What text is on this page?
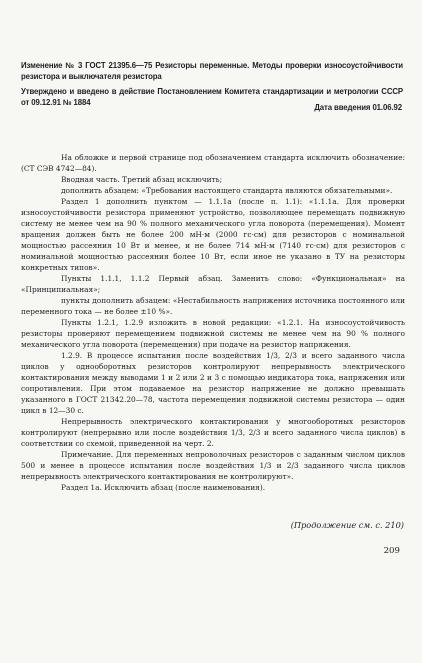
Изменение № 3 ГОСТ 21395.6—75 Резисторы переменные. Методы проверки износоустойчивости резистора и выключателя резистора
Утверждено и введено в действие Постановлением Комитета стандартизации и метрологии СССР от 09.12.91 № 1884
Дата введения 01.06.92

На обложке и первой странице под обозначением стандарта исключить обозначение: (СТ СЭВ 4742—84).

Вводная часть. Третий абзац исключить;

дополнить абзацем: «Требования настоящего стандарта являются обязательными».

Раздел 1 дополнить пунктом — 1.1.1а (после п. 1.1): «1.1.1а. Для проверки износоустойчивости резистора применяют устройство, позволяющее перемещать подвижную систему не менее чем на 90 % полного механического угла поворота (перемещения). Момент вращения должен быть не более 200 мН·м (2000 гс·см) для резисторов с номинальной мощностью рассеяния 10 Вт и менее, и не более 714 мН·м (7140 гс·см) для резисторов с номинальной мощностью рассеяния более 10 Вт, если иное не указано в ТУ на резисторы конкретных типов».

Пункты 1.1.1, 1.1.2 Первый абзац. Заменить слово: «Функциональная» на «Принципиальная»;

пункты дополнить абзацем: «Нестабильность напряжения источника постоянного или переменного тока — не более ±10 %».

Пункты 1.2.1, 1.2.9 изложить в новой редакции: «1.2.1. На износоустойчивость резисторы проверяют перемещением подвижной системы не менее чем на 90 % полного механического угла поворота (перемещения) при подаче на резистор напряжения.

1.2.9. В процессе испытания после воздействия 1/3, 2/3 и всего заданного числа циклов у однооборотных резисторов контролируют непрерывность электрического контактирования между выводами 1 и 2 или 2 и 3 с помощью индикатора тока, напряжения или сопротивления. При этом подаваемое на резистор напряжение не должно превышать указанного в ГОСТ 21342.20—78, частота перемещения подвижной системы резистора — один цикл в 12—30 с.

Непрерывность электрического контактирования у многооборотных резисторов контролируют (непрерывно или после воздействия 1/3, 2/3 и всего заданного числа циклов) в соответствии со схемой, приведенной на черт. 2.

Примечание. Для переменных непроволочных резисторов с заданным числом циклов 500 и менее в процессе испытания после воздействия 1/3 и 2/3 заданного числа циклов непрерывность электрического контактирования не контролируют».

Раздел 1а. Исключить абзац (после наименования).

(Продолжение см. с. 210)
209
